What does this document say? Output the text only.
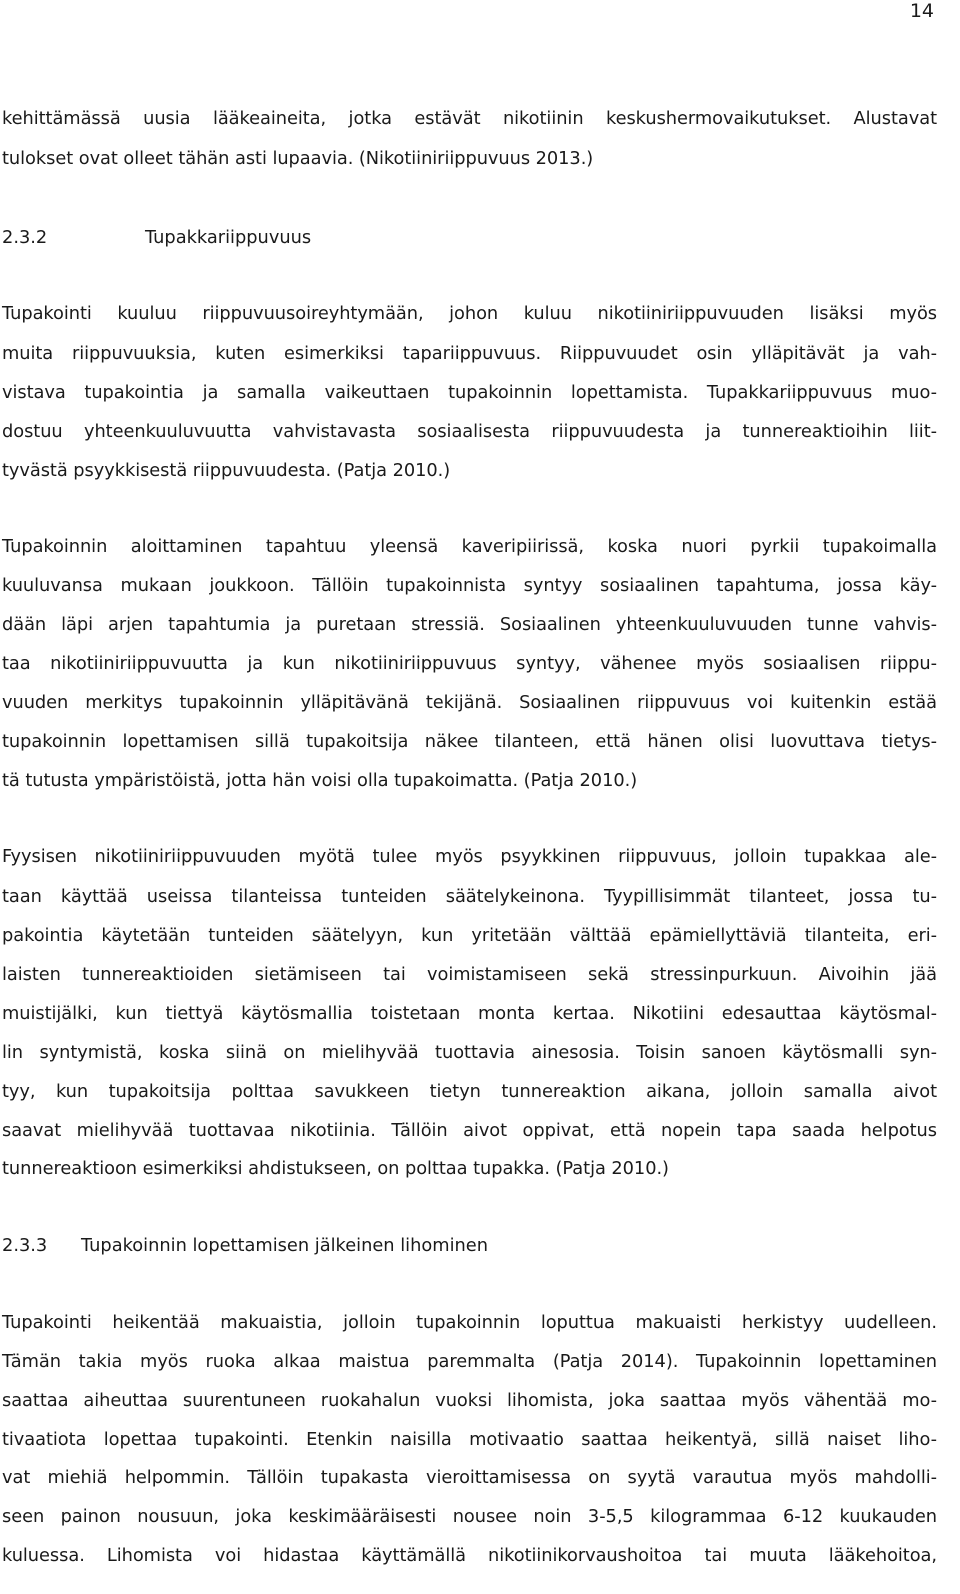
14
kehittämässä uusia lääkeaineita, jotka estävät nikotiinin keskushermovaikutukset. Alustavat
tulokset ovat olleet tähän asti lupaavia. (Nikotiiniriippuvuus 2013.)
2.3.2	Tupakkariippuvuus
Tupakointi kuuluu riippuvuusoireyhtymään, johon kuluu nikotiiniriippuvuuden lisäksi myös
muita riippuvuuksia, kuten esimerkiksi tapariippuvuus. Riippuvuudet osin ylläpitävät ja vah-
vistava tupakointia ja samalla vaikeuttaen tupakoinnin lopettamista. Tupakkariippuvuus muo-
dostuu yhteenkuuluvuutta vahvistavasta sosiaalisesta riippuvuudesta ja tunnereaktioihin liit-
tyvästä psyykkisestä riippuvuudesta. (Patja 2010.)
Tupakoinnin aloittaminen tapahtuu yleensä kaveripiirissä, koska nuori pyrkii tupakoimalla
kuuluvansa mukaan joukkoon. Tällöin tupakoinnista syntyy sosiaalinen tapahtuma, jossa käy-
dään läpi arjen tapahtumia ja puretaan stressiä. Sosiaalinen yhteenkuuluvuuden tunne vahvis-
taa nikotiiniriippuvuutta ja kun nikotiiniriippuvuus syntyy, vähenee myös sosiaalisen riippu-
vuuden merkitys tupakoinnin ylläpitävänä tekijänä. Sosiaalinen riippuvuus voi kuitenkin estää
tupakoinnin lopettamisen sillä tupakoitsija näkee tilanteen, että hänen olisi luovuttava tietys-
tä tutusta ympäristöistä, jotta hän voisi olla tupakoimatta. (Patja 2010.)
Fyysisen nikotiiniriippuvuuden myötä tulee myös psyykkinen riippuvuus, jolloin tupakkaa ale-
taan käyttää useissa tilanteissa tunteiden säätelykeinona. Tyypillisimmät tilanteet, jossa tu-
pakointia käytetään tunteiden säätelyyn, kun yritetään välttää epämiellyttäviä tilanteita, eri-
laisten tunnereaktioiden sietämiseen tai voimistamiseen sekä stressinpurkuun. Aivoihin jää
muistijälki, kun tiettyä käytösmallia toistetaan monta kertaa. Nikotiini edesauttaa käytösmal-
lin syntymistä, koska siinä on mielihyvää tuottavia ainesosia. Toisin sanoen käytösmalli syn-
tyy, kun tupakoitsija polttaa savukkeen tietyn tunnereaktion aikana, jolloin samalla aivot
saavat mielihyvää tuottavaa nikotiinia. Tällöin aivot oppivat, että nopein tapa saada helpotus
tunnereaktioon esimerkiksi ahdistukseen, on polttaa tupakka. (Patja 2010.)
2.3.3 Tupakoinnin lopettamisen jälkeinen lihominen
Tupakointi heikentää makuaistia, jolloin tupakoinnin loputtua makuaisti herkistyy uudelleen.
Tämän takia myös ruoka alkaa maistua paremmalta (Patja 2014). Tupakoinnin lopettaminen
saattaa aiheuttaa suurentuneen ruokahalun vuoksi lihomista, joka saattaa myös vähentää mo-
tivaatiota lopettaa tupakointi. Etenkin naisilla motivaatio saattaa heikentyä, sillä naiset liho-
vat miehiä helpommin. Tällöin tupakasta vieroittamisessa on syytä varautua myös mahdolli-
seen painon nousuun, joka keskimääräisesti nousee noin 3-5,5 kilogrammaa 6-12 kuukauden
kuluessa. Lihomista voi hidastaa käyttämällä nikotiinikorvaushoitoa tai muuta lääkehoitoa,
